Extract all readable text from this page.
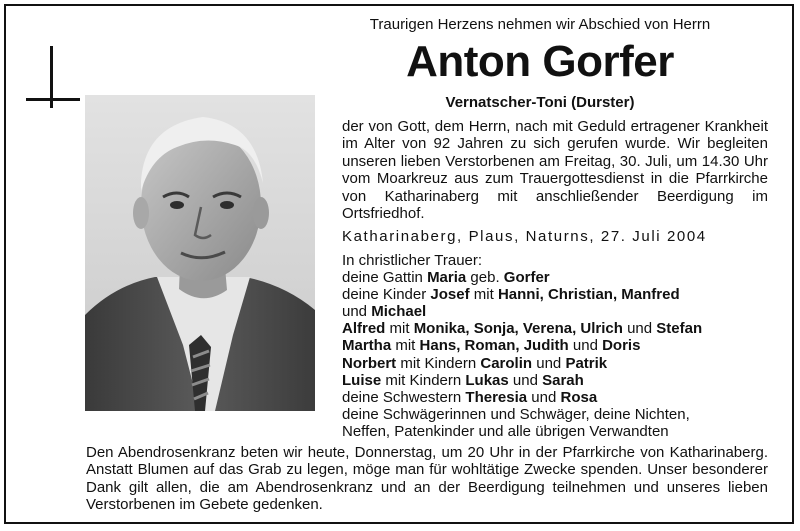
Traurigen Herzens nehmen wir Abschied von Herrn
Anton Gorfer
Vernatscher-Toni (Durster)
der von Gott, dem Herrn, nach mit Geduld ertragener Krankheit im Alter von 92 Jahren zu sich gerufen wurde. Wir begleiten unseren lieben Verstorbenen am Freitag, 30. Juli, um 14.30 Uhr vom Moarkreuz aus zum Trauergottesdienst in die Pfarrkirche von Katharinaberg mit anschließender Beerdigung im Ortsfriedhof.
Katharinaberg, Plaus, Naturns, 27. Juli 2004
In christlicher Trauer:
deine Gattin Maria geb. Gorfer
deine Kinder Josef mit Hanni, Christian, Manfred
und Michael
Alfred mit Monika, Sonja, Verena, Ulrich und Stefan
Martha mit Hans, Roman, Judith und Doris
Norbert mit Kindern Carolin und Patrik
Luise mit Kindern Lukas und Sarah
deine Schwestern Theresia und Rosa
deine Schwägerinnen und Schwäger, deine Nichten,
Neffen, Patenkinder und alle übrigen Verwandten
Den Abendrosenkranz beten wir heute, Donnerstag, um 20 Uhr in der Pfarrkirche von Katharinaberg. Anstatt Blumen auf das Grab zu legen, möge man für wohltätige Zwecke spenden. Unser besonderer Dank gilt allen, die am Abendrosenkranz und an der Beerdigung teilnehmen und unseres lieben Verstorbenen im Gebete gedenken.
